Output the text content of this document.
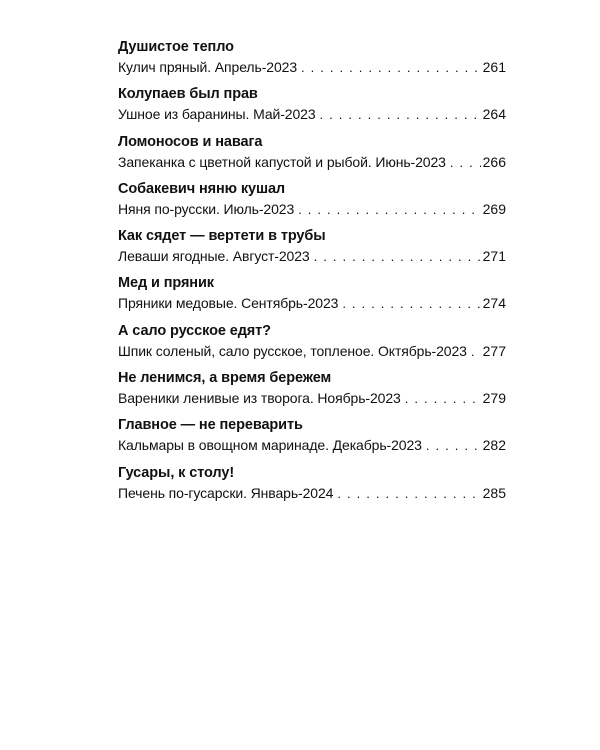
Душистое тепло
Кулич пряный. Апрель-2023 . . .	261
Колупаев был прав
Ушное из баранины. Май-2023 . . .	264
Ломоносов и навага
Запеканка с цветной капустой и рыбой. Июнь-2023 . . .	266
Собакевич няню кушал
Няня по-русски. Июль-2023 . . .	269
Как сядет — вертети в трубы
Леваши ягодные. Август-2023 . . .	271
Мед и пряник
Пряники медовые. Сентябрь-2023 . . .	274
А сало русское едят?
Шпик соленый, сало русское, топленое. Октябрь-2023 . . . 277
Не ленимся, а время бережем
Вареники ленивые из творога. Ноябрь-2023 . . .	279
Главное — не переварить
Кальмары в овощном маринаде. Декабрь-2023 . . .	282
Гусары, к столу!
Печень по-гусарски. Январь-2024 . . .	285
